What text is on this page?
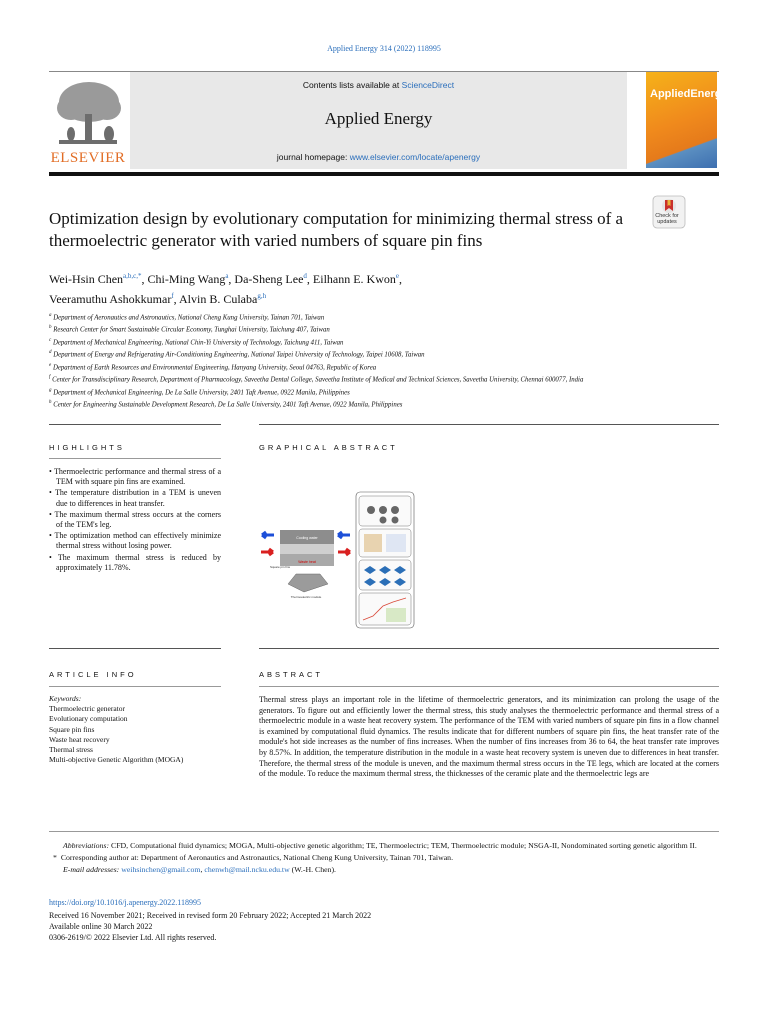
Applied Energy 314 (2022) 118995
ELSEVIER
Contents lists available at ScienceDirect
Applied Energy
journal homepage: www.elsevier.com/locate/apenergy
AppliedEnergy
Optimization design by evolutionary computation for minimizing thermal stress of a thermoelectric generator with varied numbers of square pin fins
Check for updates
Wei-Hsin Chen$^{a,b,c,*}$, Chi-Ming Wang$^a$, Da-Sheng Lee$^d$, Eilhann E. Kwon$^e$,
Veeramuthu Ashokkumar$^f$, Alvin B. Culaba$^{g,h}$
$^a$ Department of Aeronautics and Astronautics, National Cheng Kung University, Tainan 701, Taiwan
$^b$ Research Center for Smart Sustainable Circular Economy, Tunghai University, Taichung 407, Taiwan
$^c$ Department of Mechanical Engineering, National Chin-Yi University of Technology, Taichung 411, Taiwan
$^d$ Department of Energy and Refrigerating Air-Conditioning Engineering, National Taipei University of Technology, Taipei 10608, Taiwan
$^e$ Department of Earth Resources and Environmental Engineering, Hanyang University, Seoul 04763, Republic of Korea
$^f$ Center for Transdisciplinary Research, Department of Pharmacology, Saveetha Dental College, Saveetha Institute of Medical and Technical Sciences, Saveetha University, Chennai 600077, India
$^g$ Department of Mechanical Engineering, De La Salle University, 2401 Taft Avenue, 0922 Manila, Philippines
$^h$ Center for Engineering Sustainable Development Research, De La Salle University, 2401 Taft Avenue, 0922 Manila, Philippines
HIGHLIGHTS	GRAPHICAL ABSTRACT
• Thermoelectric performance and thermal stress of a TEM with square pin fins are examined.
• The temperature distribution in a TEM is uneven due to differences in heat transfer.
• The maximum thermal stress occurs at the corners of the TEM's leg.
• The optimization method can effectively minimize thermal stress without losing power.
• The maximum thermal stress is reduced by approximately 11.78%.
Cooling water
Waste heat
Square pin fins
Thermoelectric module
ARTICLE INFO	ABSTRACT
Keywords:
Thermoelectric generator
Evolutionary computation
Square pin fins
Waste heat recovery
Thermal stress
Multi-objective Genetic Algorithm (MOGA)
Thermal stress plays an important role in the lifetime of thermoelectric generators, and its minimization can prolong the usage of the generators. To figure out and efficiently lower the thermal stress, this study analyses the thermoelectric performance and thermal stress of a thermoelectric module in a waste heat recovery system. The performance of the TEM with varied numbers of square pin fins in a flow channel is examined by computational fluid dynamics. The results indicate that for different numbers of square pin fins, the heat transfer rate of the module's hot side increases as the number of fins increases. When the number of fins increases from 36 to 64, the heat transfer rate improves by 8.57%. In addition, the temperature distribution in the module in a waste heat recovery system is uneven due to differences in heat transfer. Therefore, the thermal stress of the module is uneven, and the maximum thermal stress occurs in the TE legs, which are located at the corners of the module. To reduce the maximum thermal stress, the thicknesses of the ceramic plate and the thermoelectric legs are
Abbreviations: CFD, Computational fluid dynamics; MOGA, Multi-objective genetic algorithm; TE, Thermoelectric; TEM, Thermoelectric module; NSGA-II, Nondominated sorting genetic algorithm II.
* Corresponding author at: Department of Aeronautics and Astronautics, National Cheng Kung University, Tainan 701, Taiwan.
E-mail addresses: weihsinchen@gmail.com, chenwh@mail.ncku.edu.tw (W.-H. Chen).
https://doi.org/10.1016/j.apenergy.2022.118995
Received 16 November 2021; Received in revised form 20 February 2022; Accepted 21 March 2022
Available online 30 March 2022
0306-2619/© 2022 Elsevier Ltd. All rights reserved.
